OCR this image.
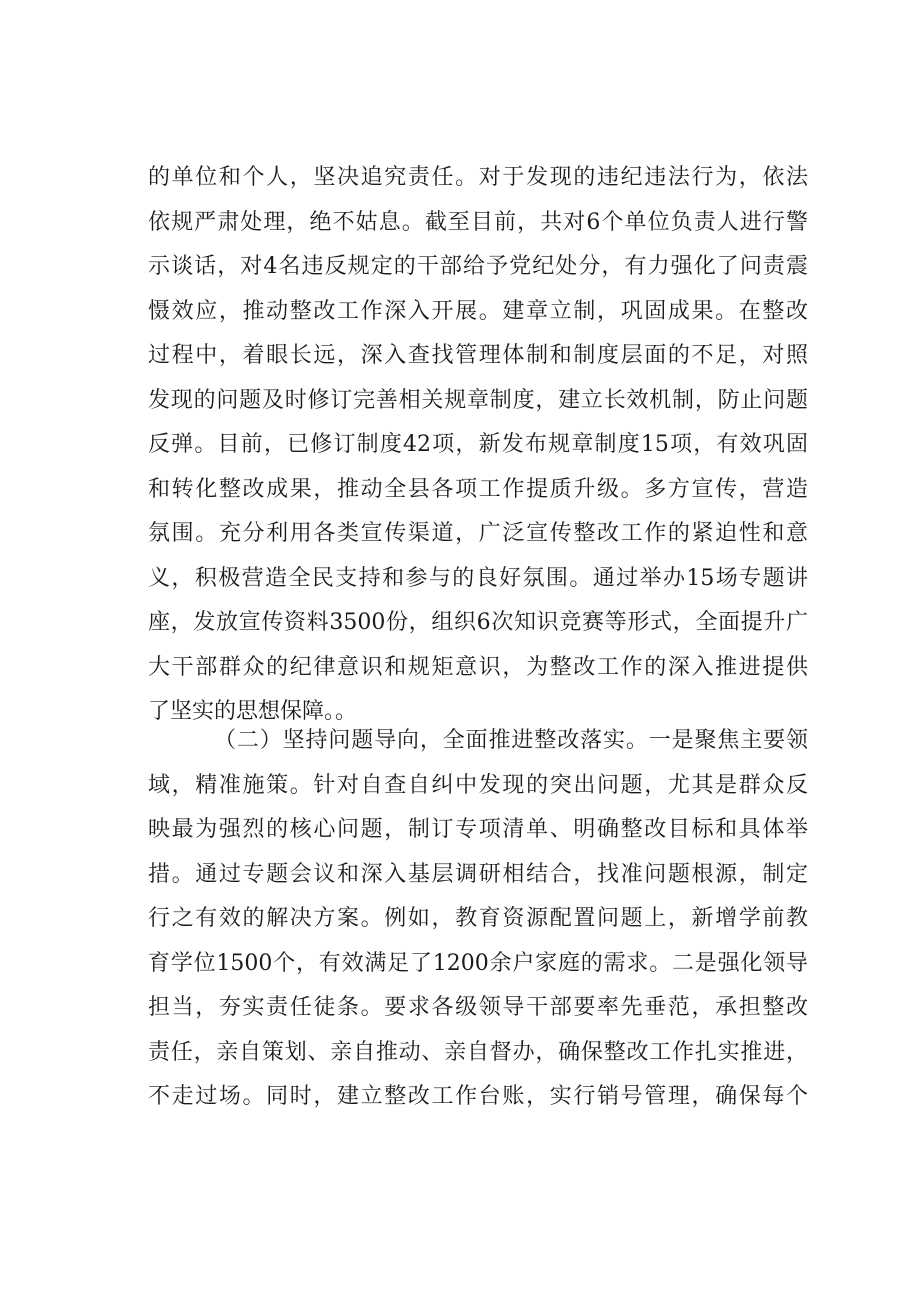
的单位和个人，坚决追究责任。对于发现的违纪违法行为，依法
依规严肃处理，绝不姑息。截至目前，共对6个单位负责人进行警
示谈话，对4名违反规定的干部给予党纪处分，有力强化了问责震
慑效应，推动整改工作深入开展。建章立制，巩固成果。在整改
过程中，着眼长远，深入查找管理体制和制度层面的不足，对照
发现的问题及时修订完善相关规章制度，建立长效机制，防止问题
反弹。目前，已修订制度42项，新发布规章制度15项，有效巩固
和转化整改成果，推动全县各项工作提质升级。多方宣传，营造
氛围。充分利用各类宣传渠道，广泛宣传整改工作的紧迫性和意
义，积极营造全民支持和参与的良好氛围。通过举办15场专题讲
座，发放宣传资料3500份，组织6次知识竞赛等形式，全面提升广
大干部群众的纪律意识和规矩意识，为整改工作的深入推进提供
了坚实的思想保障。。
（二）坚持问题导向，全面推进整改落实。一是聚焦主要领
域，精准施策。针对自查自纠中发现的突出问题，尤其是群众反
映最为强烈的核心问题，制订专项清单、明确整改目标和具体举
措。通过专题会议和深入基层调研相结合，找准问题根源，制定
行之有效的解决方案。例如，教育资源配置问题上，新增学前教
育学位1500个，有效满足了1200余户家庭的需求。二是强化领导
担当，夯实责任徒条。要求各级领导干部要率先垂范，承担整改
责任，亲自策划、亲自推动、亲自督办，确保整改工作扎实推进，
不走过场。同时，建立整改工作台账，实行销号管理，确保每个
